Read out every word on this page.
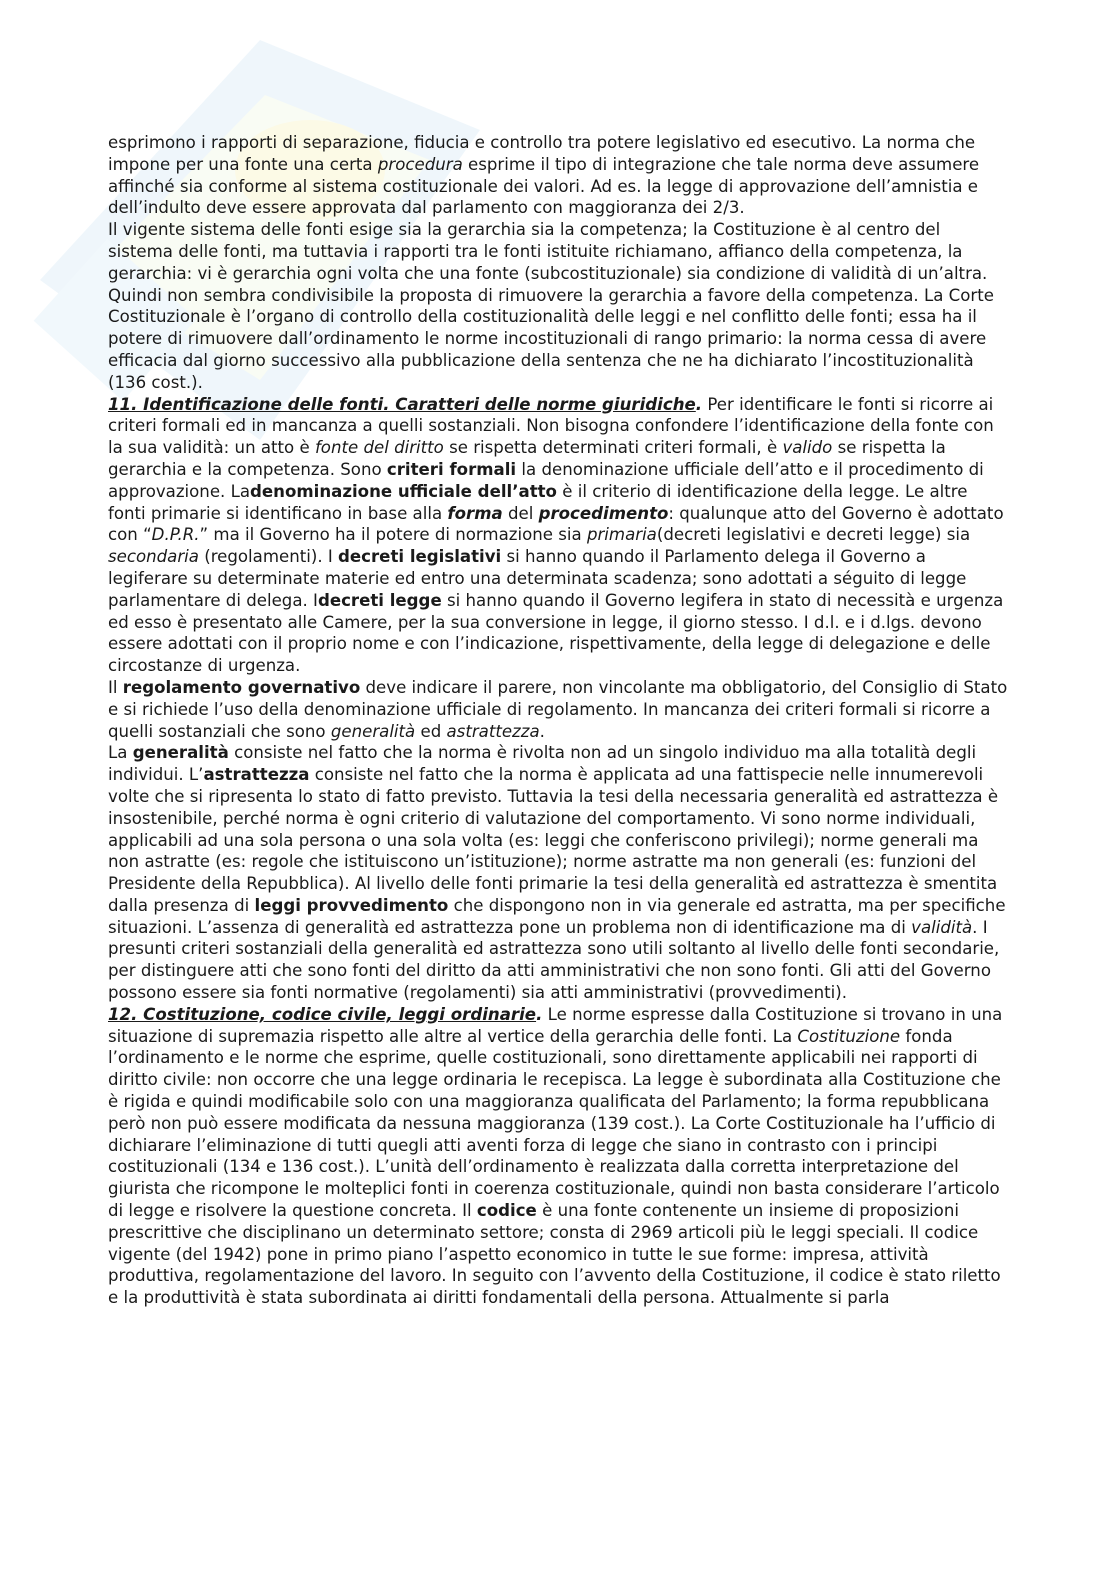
esprimono i rapporti di separazione, fiducia e controllo tra potere legislativo ed esecutivo. La norma che impone per una fonte una certa procedura esprime il tipo di integrazione che tale norma deve assumere affinché sia conforme al sistema costituzionale dei valori. Ad es. la legge di approvazione dell’amnistia e dell’indulto deve essere approvata dal parlamento con maggioranza dei 2/3.

Il vigente sistema delle fonti esige sia la gerarchia sia la competenza; la Costituzione è al centro del sistema delle fonti, ma tuttavia i rapporti tra le fonti istituite richiamano, affianco della competenza, la gerarchia: vi è gerarchia ogni volta che una fonte (subcostituzionale) sia condizione di validità di un’altra. Quindi non sembra condivisibile la proposta di rimuovere la gerarchia a favore della competenza. La Corte Costituzionale è l’organo di controllo della costituzionalità delle leggi e nel conflitto delle fonti; essa ha il potere di rimuovere dall’ordinamento le norme incostituzionali di rango primario: la norma cessa di avere efficacia dal giorno successivo alla pubblicazione della sentenza che ne ha dichiarato l’incostituzionalità (136 cost.).

11. Identificazione delle fonti. Caratteri delle norme giuridiche. Per identificare le fonti si ricorre ai criteri formali ed in mancanza a quelli sostanziali. Non bisogna confondere l’identificazione della fonte con la sua validità: un atto è fonte del diritto se rispetta determinati criteri formali, è valido se rispetta la gerarchia e la competenza. Sono criteri formali la denominazione ufficiale dell’atto e il procedimento di approvazione. Ladenominazione ufficiale dell’atto è il criterio di identificazione della legge. Le altre fonti primarie si identificano in base alla forma del procedimento: qualunque atto del Governo è adottato con “D.P.R.” ma il Governo ha il potere di normazione sia primaria(decreti legislativi e decreti legge) sia secondaria (regolamenti). I decreti legislativi si hanno quando il Parlamento delega il Governo a legiferare su determinate materie ed entro una determinata scadenza; sono adottati a séguito di legge parlamentare di delega. Idecreti legge si hanno quando il Governo legifera in stato di necessità e urgenza ed esso è presentato alle Camere, per la sua conversione in legge, il giorno stesso. I d.l. e i d.lgs. devono essere adottati con il proprio nome e con l’indicazione, rispettivamente, della legge di delegazione e delle circostanze di urgenza.

Il regolamento governativo deve indicare il parere, non vincolante ma obbligatorio, del Consiglio di Stato e si richiede l’uso della denominazione ufficiale di regolamento. In mancanza dei criteri formali si ricorre a quelli sostanziali che sono generalità ed astrattezza.

La generalità consiste nel fatto che la norma è rivolta non ad un singolo individuo ma alla totalità degli individui. L’astrattezza consiste nel fatto che la norma è applicata ad una fattispecie nelle innumerevoli volte che si ripresenta lo stato di fatto previsto. Tuttavia la tesi della necessaria generalità ed astrattezza è insostenibile, perché norma è ogni criterio di valutazione del comportamento. Vi sono norme individuali, applicabili ad una sola persona o una sola volta (es: leggi che conferiscono privilegi); norme generali ma non astratte (es: regole che istituiscono un’istituzione); norme astratte ma non generali (es: funzioni del Presidente della Repubblica). Al livello delle fonti primarie la tesi della generalità ed astrattezza è smentita dalla presenza di leggi provvedimento che dispongono non in via generale ed astratta, ma per specifiche situazioni. L’assenza di generalità ed astrattezza pone un problema non di identificazione ma di validità. I presunti criteri sostanziali della generalità ed astrattezza sono utili soltanto al livello delle fonti secondarie, per distinguere atti che sono fonti del diritto da atti amministrativi che non sono fonti. Gli atti del Governo possono essere sia fonti normative (regolamenti) sia atti amministrativi (provvedimenti).

12. Costituzione, codice civile, leggi ordinarie. Le norme espresse dalla Costituzione si trovano in una situazione di supremazia rispetto alle altre al vertice della gerarchia delle fonti. La Costituzione fonda l’ordinamento e le norme che esprime, quelle costituzionali, sono direttamente applicabili nei rapporti di diritto civile: non occorre che una legge ordinaria le recepisca. La legge è subordinata alla Costituzione che è rigida e quindi modificabile solo con una maggioranza qualificata del Parlamento; la forma repubblicana però non può essere modificata da nessuna maggioranza (139 cost.). La Corte Costituzionale ha l’ufficio di dichiarare l’eliminazione di tutti quegli atti aventi forza di legge che siano in contrasto con i principi costituzionali (134 e 136 cost.). L’unità dell’ordinamento è realizzata dalla corretta interpretazione del giurista che ricompone le molteplici fonti in coerenza costituzionale, quindi non basta considerare l’articolo di legge e risolvere la questione concreta. Il codice è una fonte contenente un insieme di proposizioni prescrittive che disciplinano un determinato settore; consta di 2969 articoli più le leggi speciali. Il codice vigente (del 1942) pone in primo piano l’aspetto economico in tutte le sue forme: impresa, attività produttiva, regolamentazione del lavoro. In seguito con l’avvento della Costituzione, il codice è stato riletto e la produttività è stata subordinata ai diritti fondamentali della persona. Attualmente si parla
